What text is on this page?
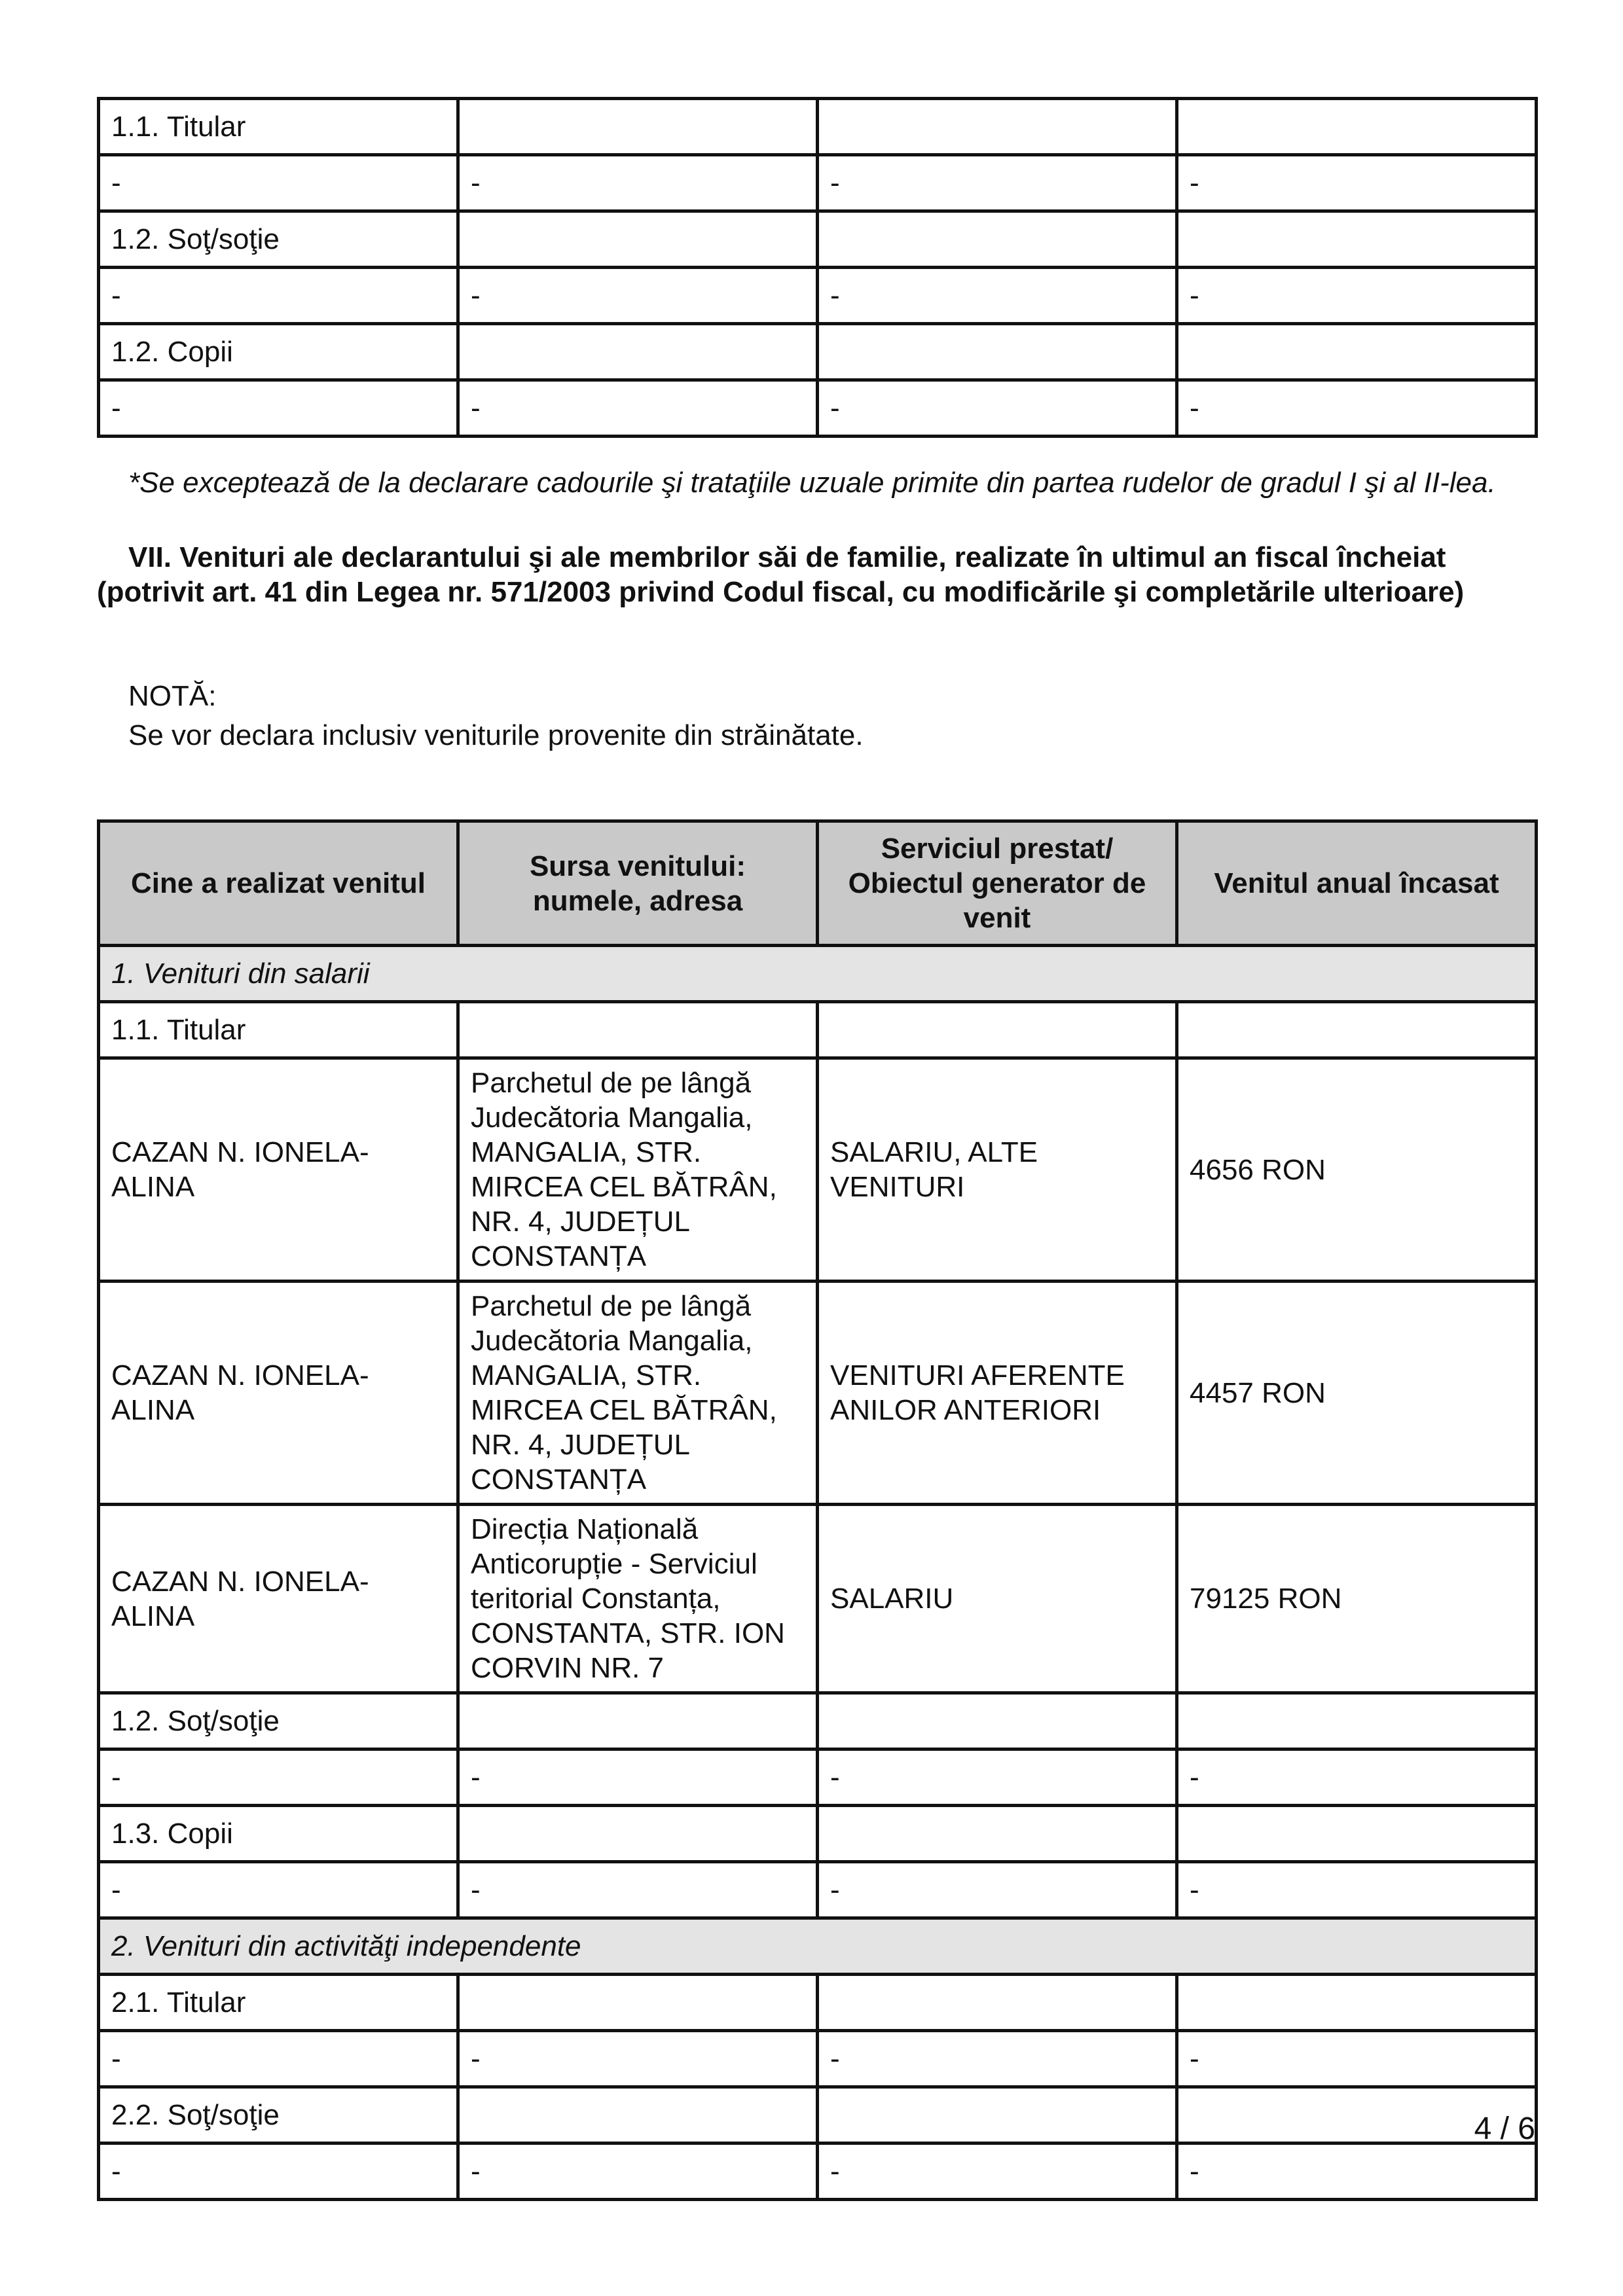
1.1. Titular			
-	-	-	-
1.2. Soţ/soţie			
-	-	-	-
1.2. Copii			
-	-	-	-

*Se exceptează de la declarare cadourile şi trataţiile uzuale primite din partea rudelor de gradul I şi al II-lea.

VII. Venituri ale declarantului şi ale membrilor săi de familie, realizate în ultimul an fiscal încheiat (potrivit art. 41 din Legea nr. 571/2003 privind Codul fiscal, cu modificările şi completările ulterioare)

NOTĂ:

Se vor declara inclusiv veniturile provenite din străinătate.

Cine a realizat venitul	Sursa venitului: numele, adresa	Serviciul prestat/ Obiectul generator de venit	Venitul anual încasat
1. Venituri din salarii			
1.1. Titular			
CAZAN N. IONELA-ALINA	Parchetul de pe lângă Judecătoria Mangalia, MANGALIA, STR. MIRCEA CEL BĂTRÂN, NR. 4, JUDEȚUL CONSTANȚA	SALARIU, ALTE VENITURI	4656 RON
CAZAN N. IONELA-ALINA	Parchetul de pe lângă Judecătoria Mangalia, MANGALIA, STR. MIRCEA CEL BĂTRÂN, NR. 4, JUDEȚUL CONSTANȚA	VENITURI AFERENTE ANILOR ANTERIORI	4457 RON
CAZAN N. IONELA-ALINA	Direcția Națională Anticorupție - Serviciul teritorial Constanța, CONSTANTA, STR. ION CORVIN NR. 7	SALARIU	79125 RON
1.2. Soţ/soţie			
-	-	-	-
1.3. Copii			
-	-	-	-
2. Venituri din activităţi independente			
2.1. Titular			
-	-	-	-
2.2. Soţ/soţie			
-	-	-	-
4 / 6
